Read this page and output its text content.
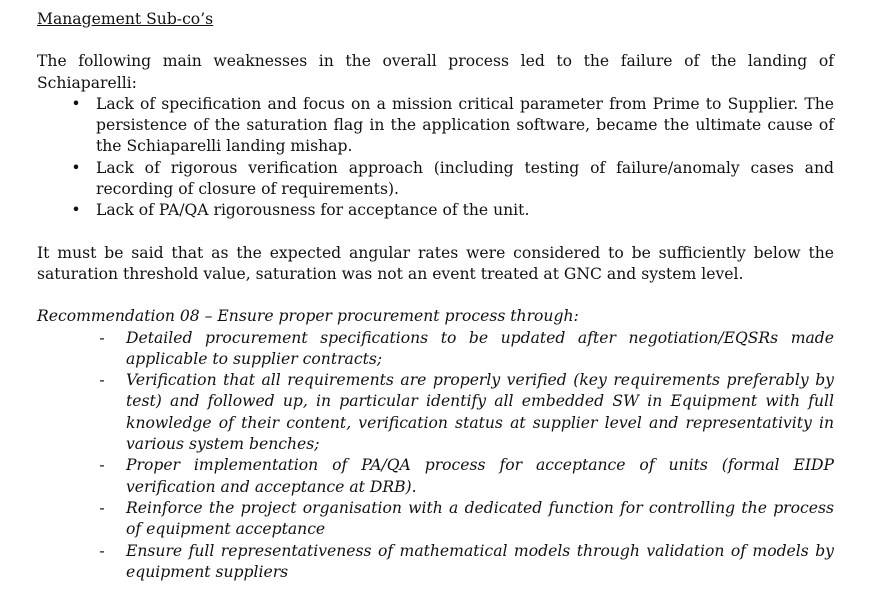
Management Sub-co’s

The following main weaknesses in the overall process led to the failure of the landing of Schiaparelli:

• Lack of specification and focus on a mission critical parameter from Prime to Supplier. The persistence of the saturation flag in the application software, became the ultimate cause of the Schiaparelli landing mishap.
• Lack of rigorous verification approach (including testing of failure/anomaly cases and recording of closure of requirements).
• Lack of PA/QA rigorousness for acceptance of the unit.

It must be said that as the expected angular rates were considered to be sufficiently below the saturation threshold value, saturation was not an event treated at GNC and system level.

Recommendation 08 – Ensure proper procurement process through:

- Detailed procurement specifications to be updated after negotiation/EQSRs made applicable to supplier contracts;
- Verification that all requirements are properly verified (key requirements preferably by test) and followed up, in particular identify all embedded SW in Equipment with full knowledge of their content, verification status at supplier level and representativity in various system benches;
- Proper implementation of PA/QA process for acceptance of units (formal EIDP verification and acceptance at DRB).
- Reinforce the project organisation with a dedicated function for controlling the process of equipment acceptance
- Ensure full representativeness of mathematical models through validation of models by equipment suppliers
